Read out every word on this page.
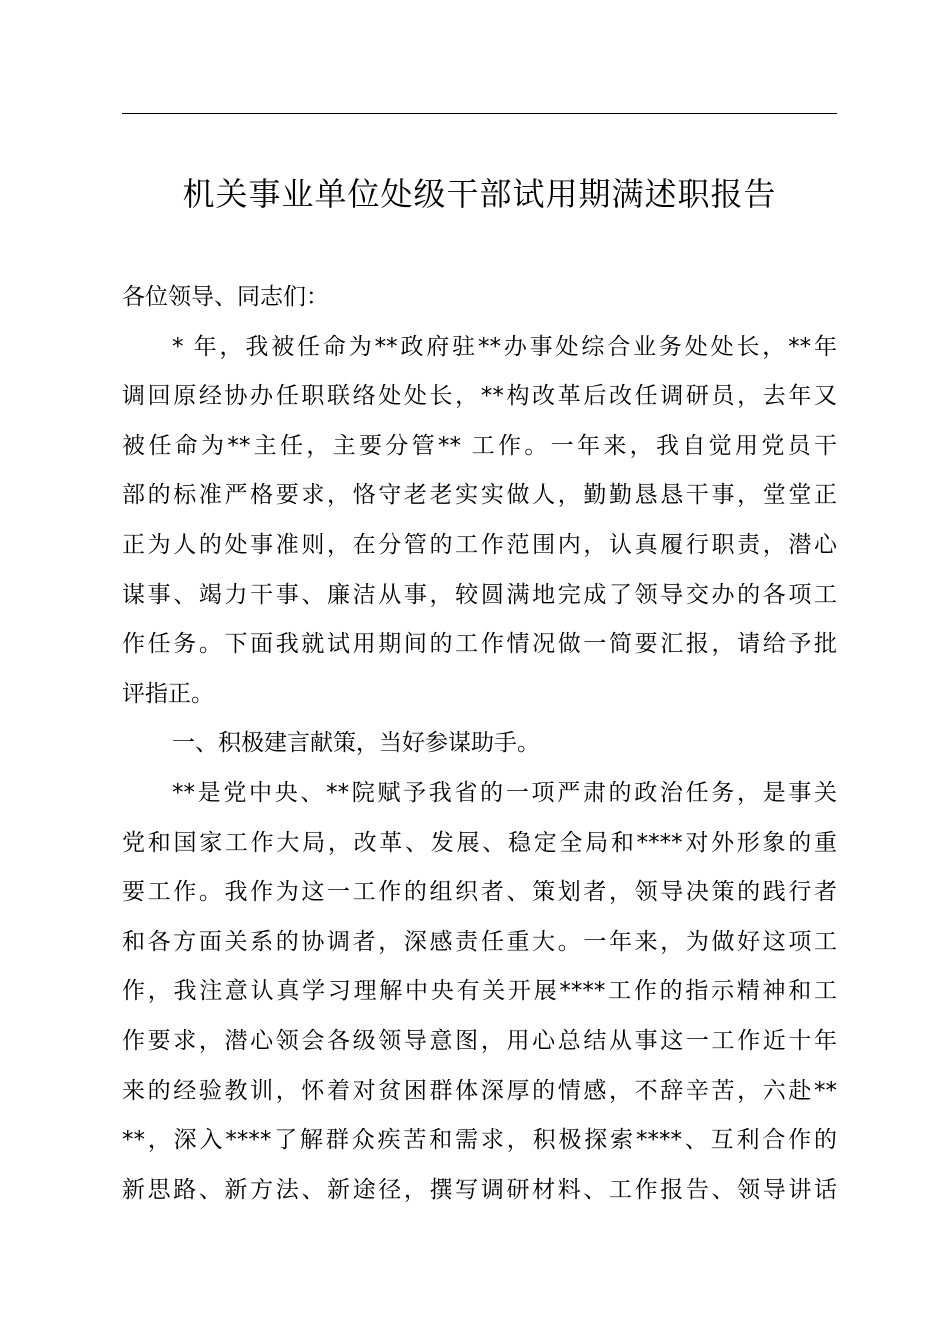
机关事业单位处级干部试用期满述职报告
各位领导、同志们：
* 年，我被任命为**政府驻**办事处综合业务处处长，**年
调回原经协办任职联络处处长，**构改革后改任调研员，去年又
被任命为**主任，主要分管** 工作。一年来，我自觉用党员干
部的标准严格要求，恪守老老实实做人，勤勤恳恳干事，堂堂正
正为人的处事准则，在分管的工作范围内，认真履行职责，潜心
谋事、竭力干事、廉洁从事，较圆满地完成了领导交办的各项工
作任务。下面我就试用期间的工作情况做一简要汇报，请给予批
评指正。
一、积极建言献策，当好参谋助手。
**是党中央、**院赋予我省的一项严肃的政治任务，是事关
党和国家工作大局，改革、发展、稳定全局和****对外形象的重
要工作。我作为这一工作的组织者、策划者，领导决策的践行者
和各方面关系的协调者，深感责任重大。一年来，为做好这项工
作，我注意认真学习理解中央有关开展****工作的指示精神和工
作要求，潜心领会各级领导意图，用心总结从事这一工作近十年
来的经验教训，怀着对贫困群体深厚的情感，不辞辛苦，六赴**
**，深入****了解群众疾苦和需求，积极探索****、互利合作的
新思路、新方法、新途径，撰写调研材料、工作报告、领导讲话
